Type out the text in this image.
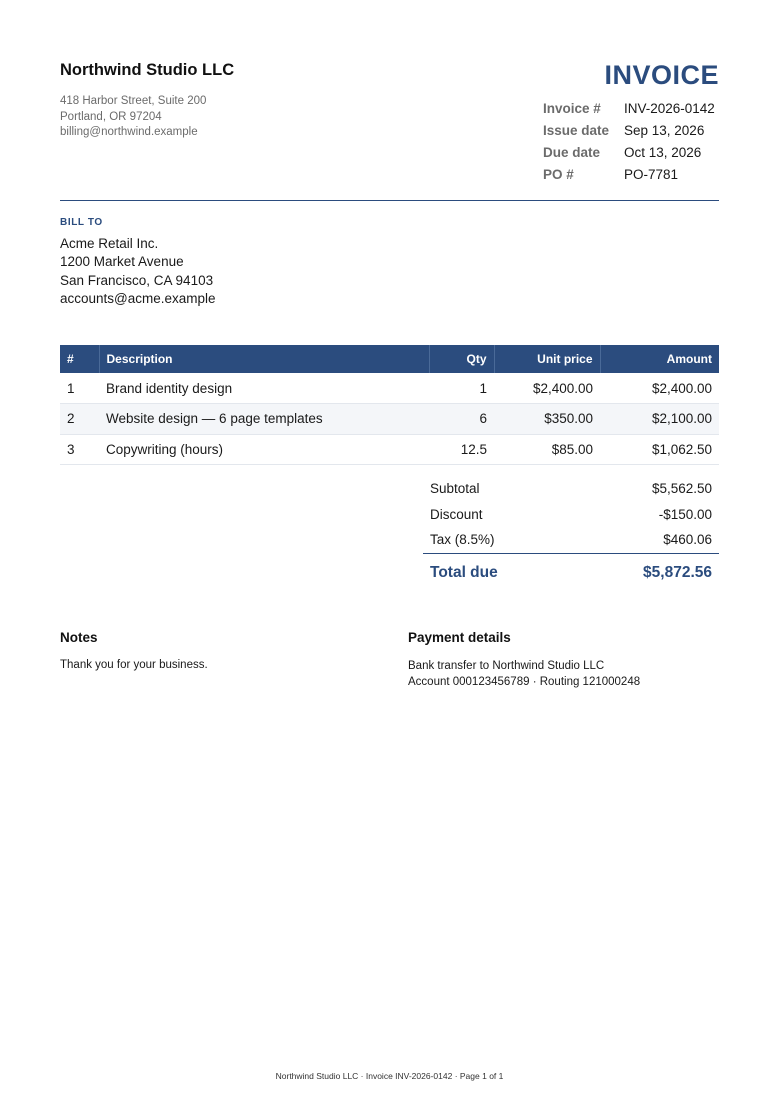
Northwind Studio LLC
418 Harbor Street, Suite 200
Portland, OR 97204
billing@northwind.example
INVOICE
Invoice # INV-2026-0142
Issue date Sep 13, 2026
Due date Oct 13, 2026
PO #	PO-7781
BILL TO
Acme Retail Inc.
1200 Market Avenue
San Francisco, CA 94103
accounts@acme.example
#	Description	Qty	Unit price	Amount
1	Brand identity design	1	$2,400.00	$2,400.00
2	Website design — 6 page templates	6	$350.00	$2,100.00
3	Copywriting (hours)	12.5	$85.00	$1,062.50
Subtotal	$5,562.50
Discount	-$150.00
Tax (8.5%)	$460.06
Total due	$5,872.56
Notes
Thank you for your business.
Payment details
Bank transfer to Northwind Studio LLC
Account 000123456789 · Routing 121000248
Northwind Studio LLC · Invoice INV-2026-0142 · Page 1 of 1
